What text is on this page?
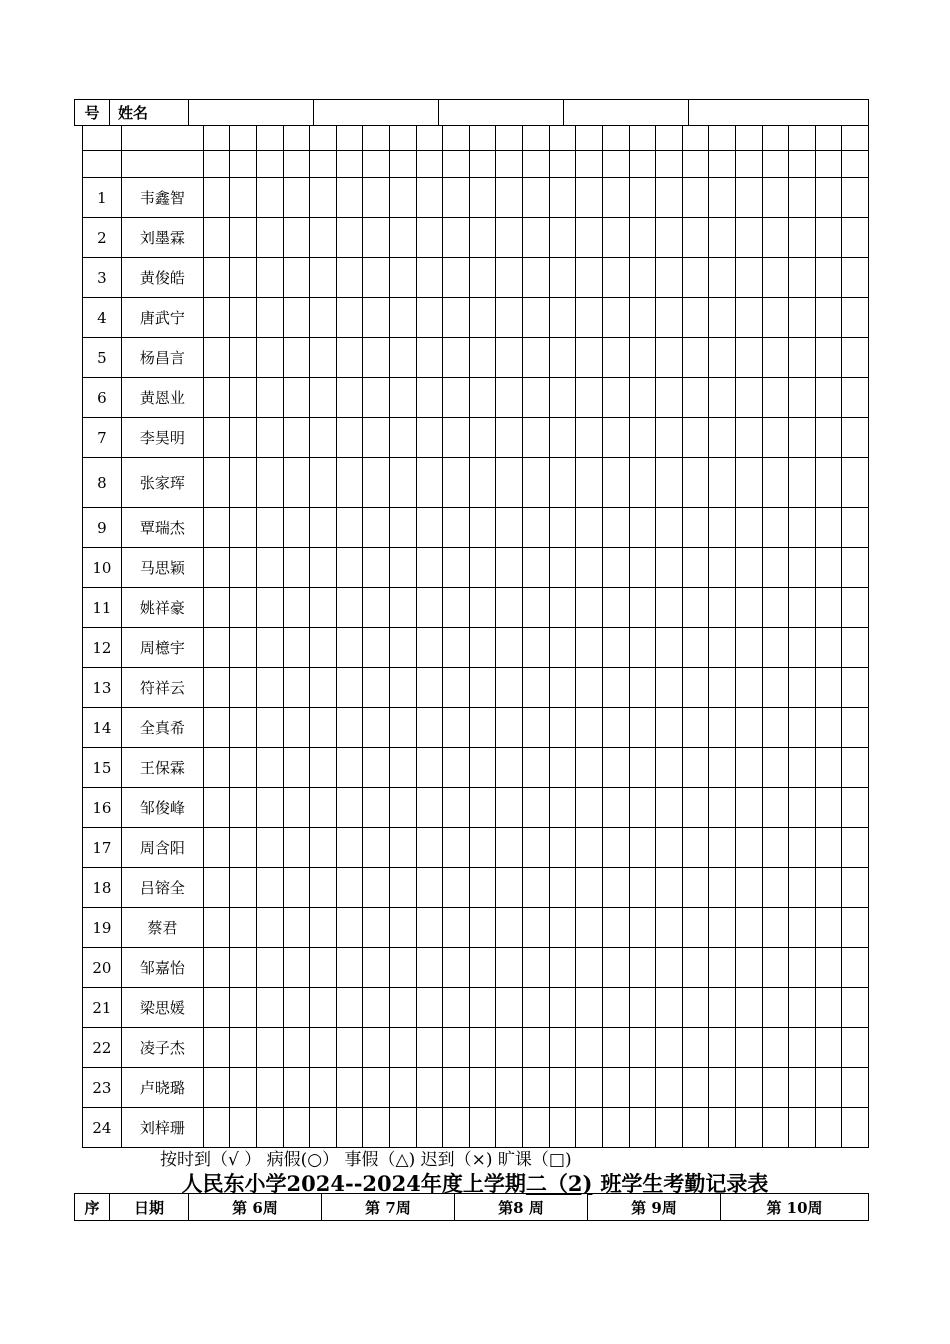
号	姓名					

1	韦鑫智																									
2	刘墨霖																									
3	黄俊皓																									
4	唐武宁																									
5	杨昌言																									
6	黄恩业																									
7	李昊明																									
8	张家珲																									
9	覃瑞杰																									
10	马思颖																									
11	姚祥豪																									
12	周檍宇																									
13	符祥云																									
14	全真希																									
15	王保霖																									
16	邹俊峰																									
17	周含阳																									
18	吕镕全																									
19	蔡君																									
20	邹嘉怡																									
21	梁思媛																									
22	凌子杰																									
23	卢晓璐																									
24	刘梓珊																									
按时到（√ ） 病假(○） 事假（△) 迟到（×) 旷课（□)
人民东小学2024--2024年度上学期二（2) 班学生考勤记录表
序	日期	第 6周	第 7周	第8 周	第 9周	第 10周
